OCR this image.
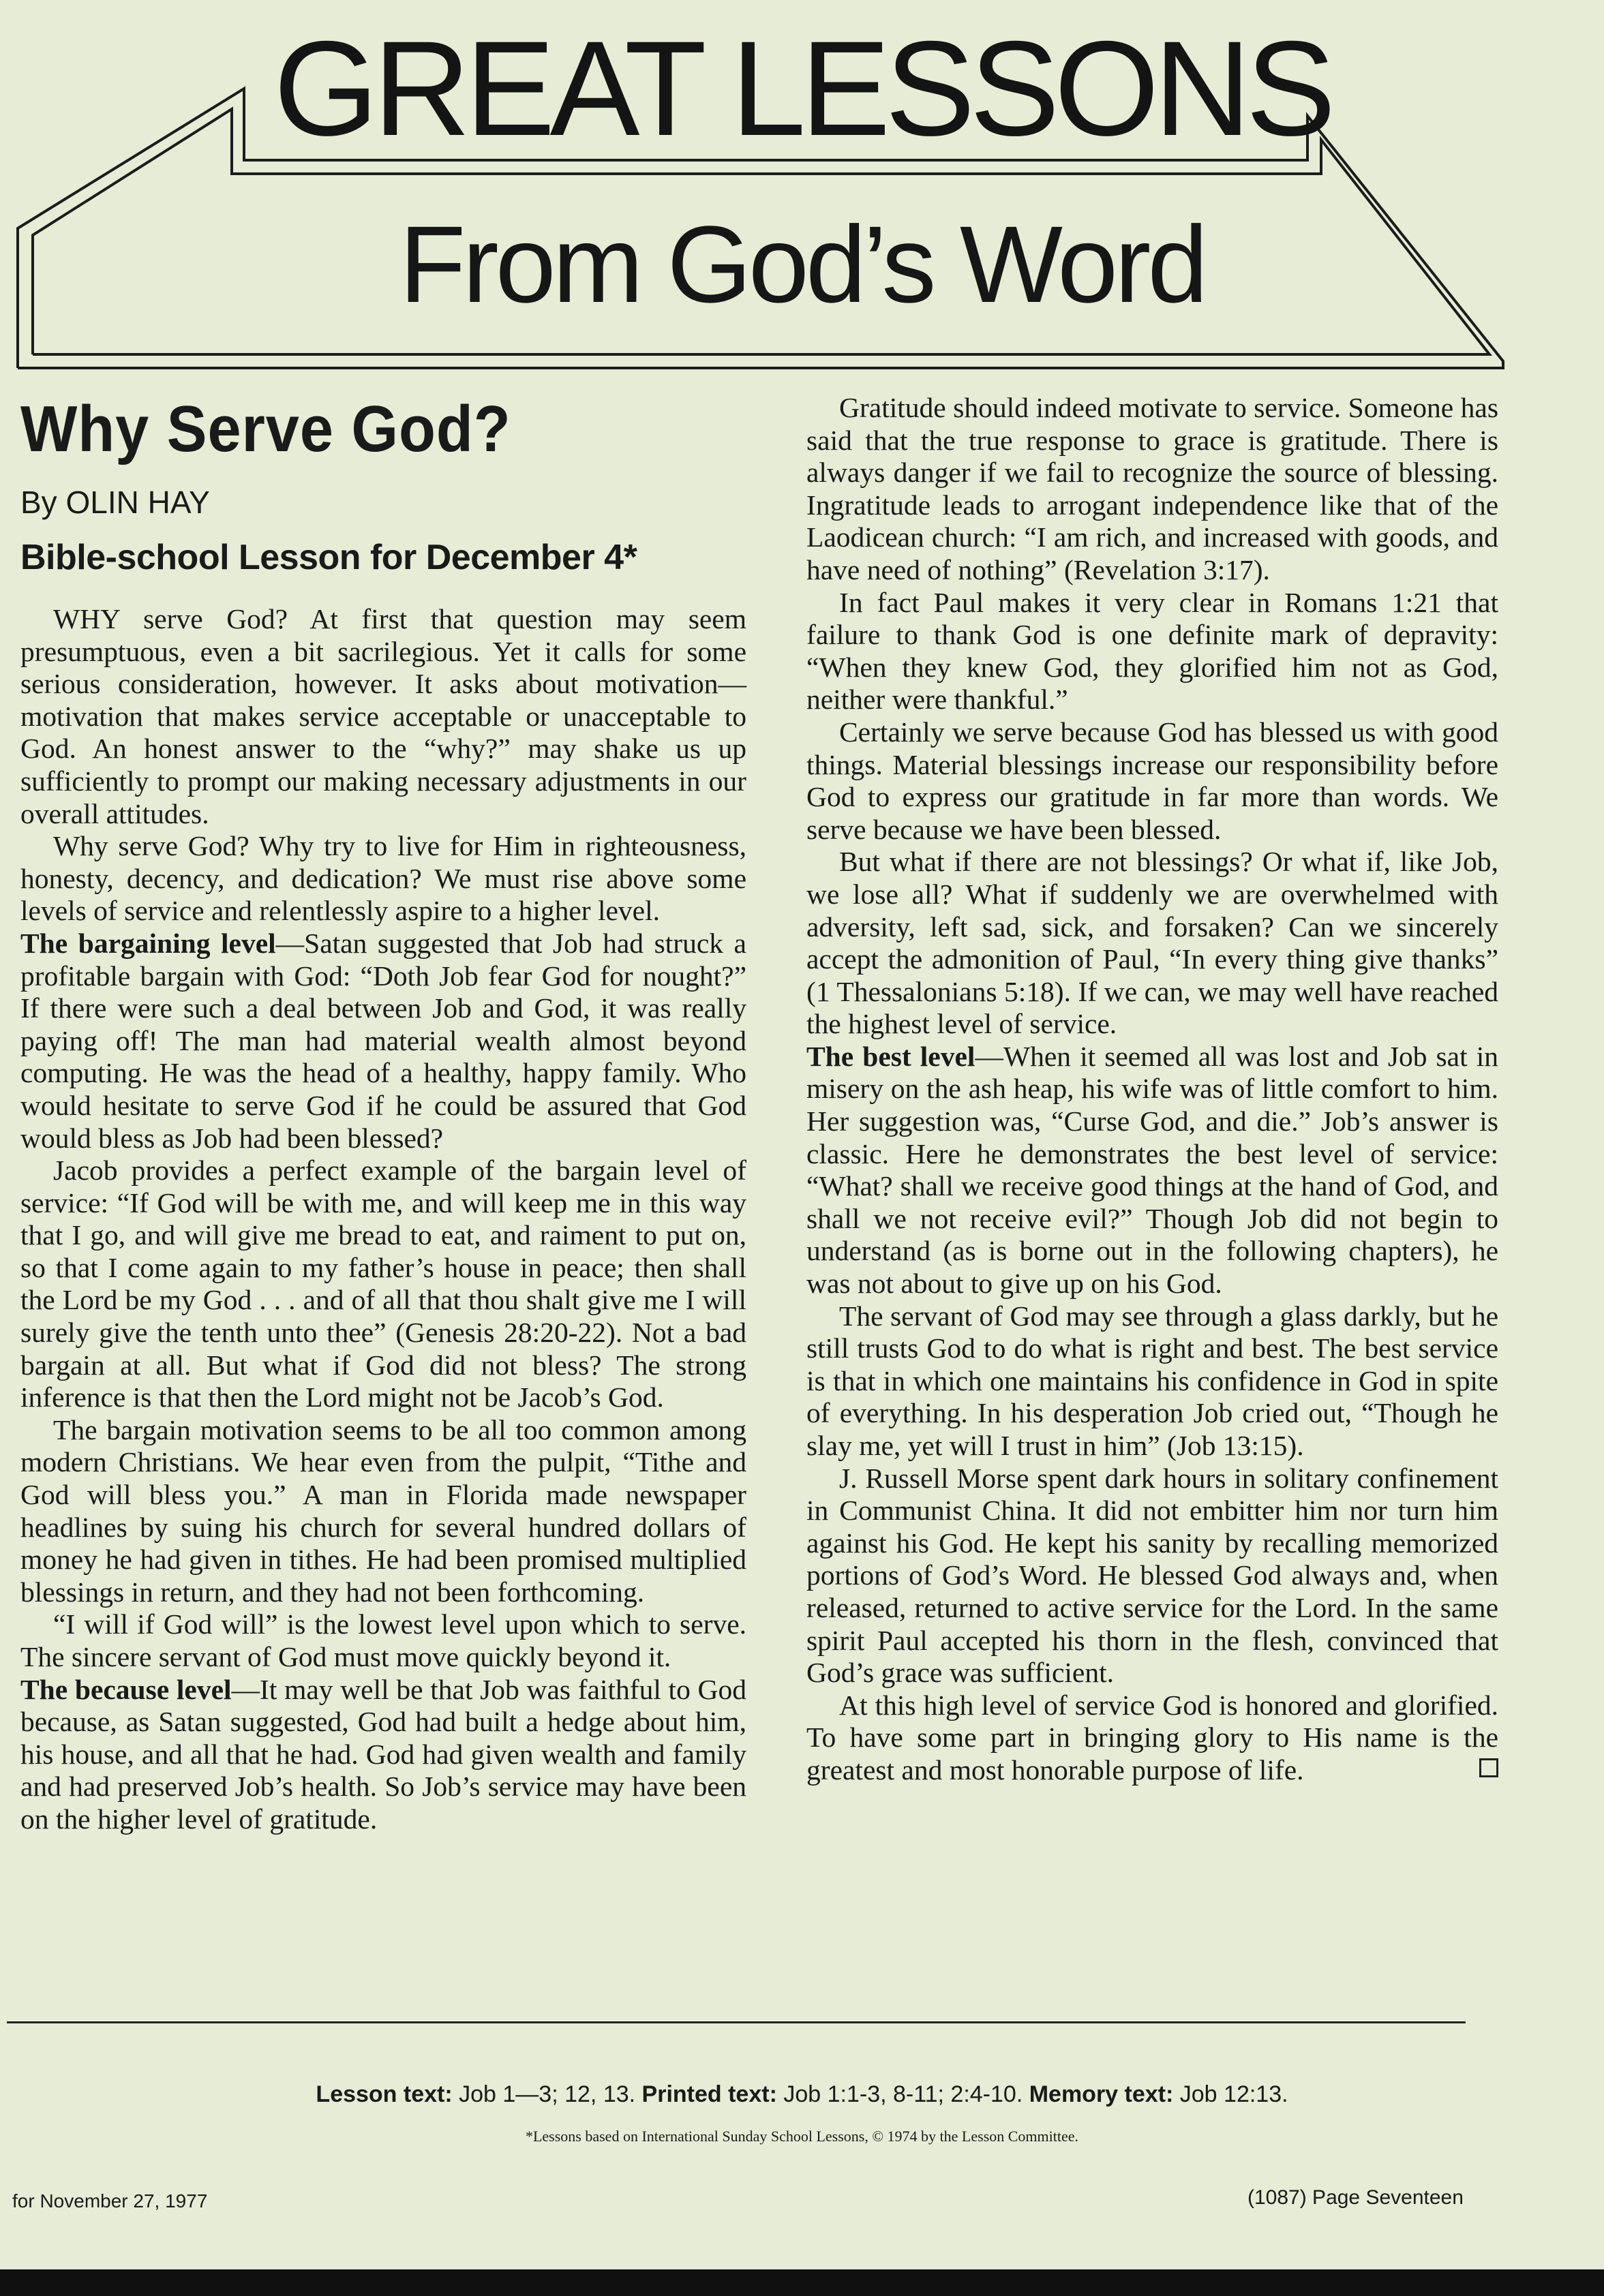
GREAT LESSONS
From God’s Word
Why Serve God?
By OLIN HAY
Bible-school Lesson for December 4*

WHY serve God? At first that question may seem presumptuous, even a bit sacrilegious. Yet it calls for some serious consideration, however. It asks about motivation—motivation that makes service acceptable or unacceptable to God. An honest answer to the “why?” may shake us up sufficiently to prompt our making necessary adjustments in our overall attitudes.

Why serve God? Why try to live for Him in righteousness, honesty, decency, and dedication? We must rise above some levels of service and relentlessly aspire to a higher level.

The bargaining level—Satan suggested that Job had struck a profitable bargain with God: “Doth Job fear God for nought?” If there were such a deal between Job and God, it was really paying off! The man had material wealth almost beyond computing. He was the head of a healthy, happy family. Who would hesitate to serve God if he could be assured that God would bless as Job had been blessed?

Jacob provides a perfect example of the bargain level of service: “If God will be with me, and will keep me in this way that I go, and will give me bread to eat, and raiment to put on, so that I come again to my father’s house in peace; then shall the Lord be my God . . . and of all that thou shalt give me I will surely give the tenth unto thee” (Genesis 28:20-22). Not a bad bargain at all. But what if God did not bless? The strong inference is that then the Lord might not be Jacob’s God.

The bargain motivation seems to be all too common among modern Christians. We hear even from the pulpit, “Tithe and God will bless you.” A man in Florida made newspaper headlines by suing his church for several hundred dollars of money he had given in tithes. He had been promised multiplied blessings in return, and they had not been forthcoming.

“I will if God will” is the lowest level upon which to serve. The sincere servant of God must move quickly beyond it.

The because level—It may well be that Job was faithful to God because, as Satan suggested, God had built a hedge about him, his house, and all that he had. God had given wealth and family and had preserved Job’s health. So Job’s service may have been on the higher level of gratitude.

Gratitude should indeed motivate to service. Someone has said that the true response to grace is gratitude. There is always danger if we fail to recognize the source of blessing. Ingratitude leads to arrogant independence like that of the Laodicean church: “I am rich, and increased with goods, and have need of nothing” (Revelation 3:17).

In fact Paul makes it very clear in Romans 1:21 that failure to thank God is one definite mark of depravity: “When they knew God, they glorified him not as God, neither were thankful.”

Certainly we serve because God has blessed us with good things. Material blessings increase our responsibility before God to express our gratitude in far more than words. We serve because we have been blessed.

But what if there are not blessings? Or what if, like Job, we lose all? What if suddenly we are overwhelmed with adversity, left sad, sick, and forsaken? Can we sincerely accept the admonition of Paul, “In every thing give thanks” (1 Thessalonians 5:18). If we can, we may well have reached the highest level of service.

The best level—When it seemed all was lost and Job sat in misery on the ash heap, his wife was of little comfort to him. Her suggestion was, “Curse God, and die.” Job’s answer is classic. Here he demonstrates the best level of service: “What? shall we receive good things at the hand of God, and shall we not receive evil?” Though Job did not begin to understand (as is borne out in the following chapters), he was not about to give up on his God.

The servant of God may see through a glass darkly, but he still trusts God to do what is right and best. The best service is that in which one maintains his confidence in God in spite of everything. In his desperation Job cried out, “Though he slay me, yet will I trust in him” (Job 13:15).

J. Russell Morse spent dark hours in solitary confinement in Communist China. It did not embitter him nor turn him against his God. He kept his sanity by recalling memorized portions of God’s Word. He blessed God always and, when released, returned to active service for the Lord. In the same spirit Paul accepted his thorn in the flesh, convinced that God’s grace was sufficient.

At this high level of service God is honored and glorified. To have some part in bringing glory to His name is the greatest and most honorable purpose of life.

Lesson text: Job 1—3; 12, 13. Printed text: Job 1:1-3, 8-11; 2:4-10. Memory text: Job 12:13.
*Lessons based on International Sunday School Lessons, © 1974 by the Lesson Committee.
for November 27, 1977	(1087) Page Seventeen
